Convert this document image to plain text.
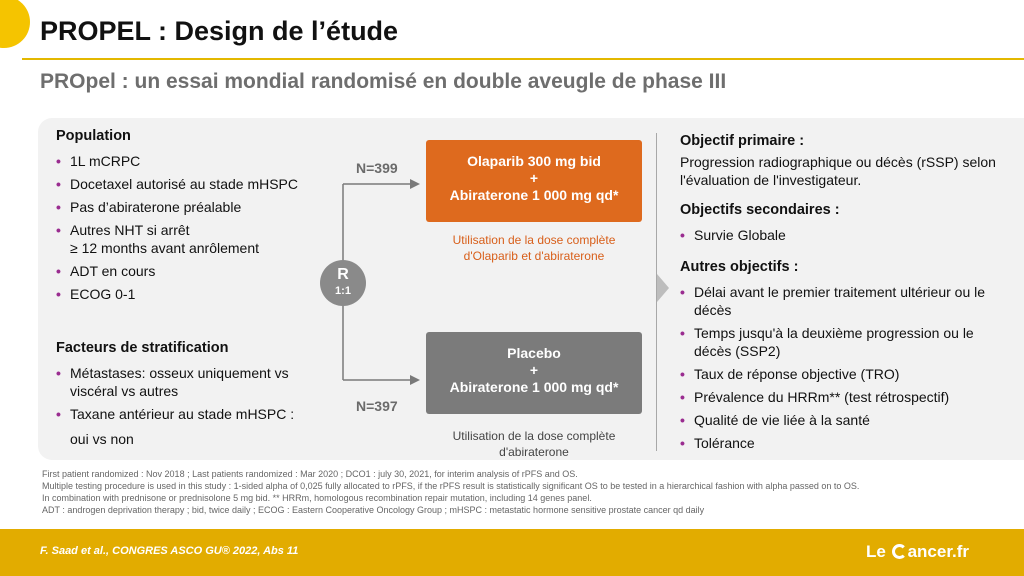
PROPEL : Design de l’étude
PROpel : un essai mondial randomisé en double aveugle de phase III
Population
• 1L mCRPC
• Docetaxel autorisé au stade mHSPC
• Pas d’abiraterone préalable
• Autres NHT si arrêt
≥ 12 months avant anrôlement
• ADT en cours
• ECOG 0-1
Facteurs de stratification
• Métastases: osseux uniquement vs viscéral vs autres
• Taxane antérieur au stade mHSPC :
oui vs non
R
1:1
N=399
N=397
Olaparib 300 mg bid
+
Abiraterone 1 000 mg qd*
Utilisation de la dose complète d'Olaparib et d'abiraterone
Placebo
+
Abiraterone 1 000 mg qd*
Utilisation de la dose complète d'abiraterone
Objectif primaire :
Progression radiographique ou décès (rSSP) selon l'évaluation de l'investigateur.
Objectifs secondaires :
• Survie Globale
Autres objectifs :
• Délai avant le premier traitement ultérieur ou le décès
• Temps jusqu'à la deuxième progression ou le décès (SSP2)
• Taux de réponse objective (TRO)
• Prévalence du HRRm** (test rétrospectif)
• Qualité de vie liée à la santé
• Tolérance
First patient randomized : Nov 2018 ; Last patients randomized : Mar 2020 ; DCO1 : july 30, 2021, for interim analysis of rPFS and OS.
Multiple testing procedure is used in this study : 1-sided alpha of 0,025 fully allocated to rPFS, if the rPFS result is statistically significant OS to be tested in a hierarchical fashion with alpha passed on to OS.
In combination with prednisone or prednisolone 5 mg bid. ** HRRm, homologous recombination repair mutation, including 14 genes panel.
ADT : androgen deprivation therapy ; bid, twice daily ; ECOG : Eastern Cooperative Oncology Group ; mHSPC : metastatic hormone sensitive prostate cancer qd daily
F. Saad et al., CONGRES ASCO GU® 2022, Abs 11	Le ancer.fr
